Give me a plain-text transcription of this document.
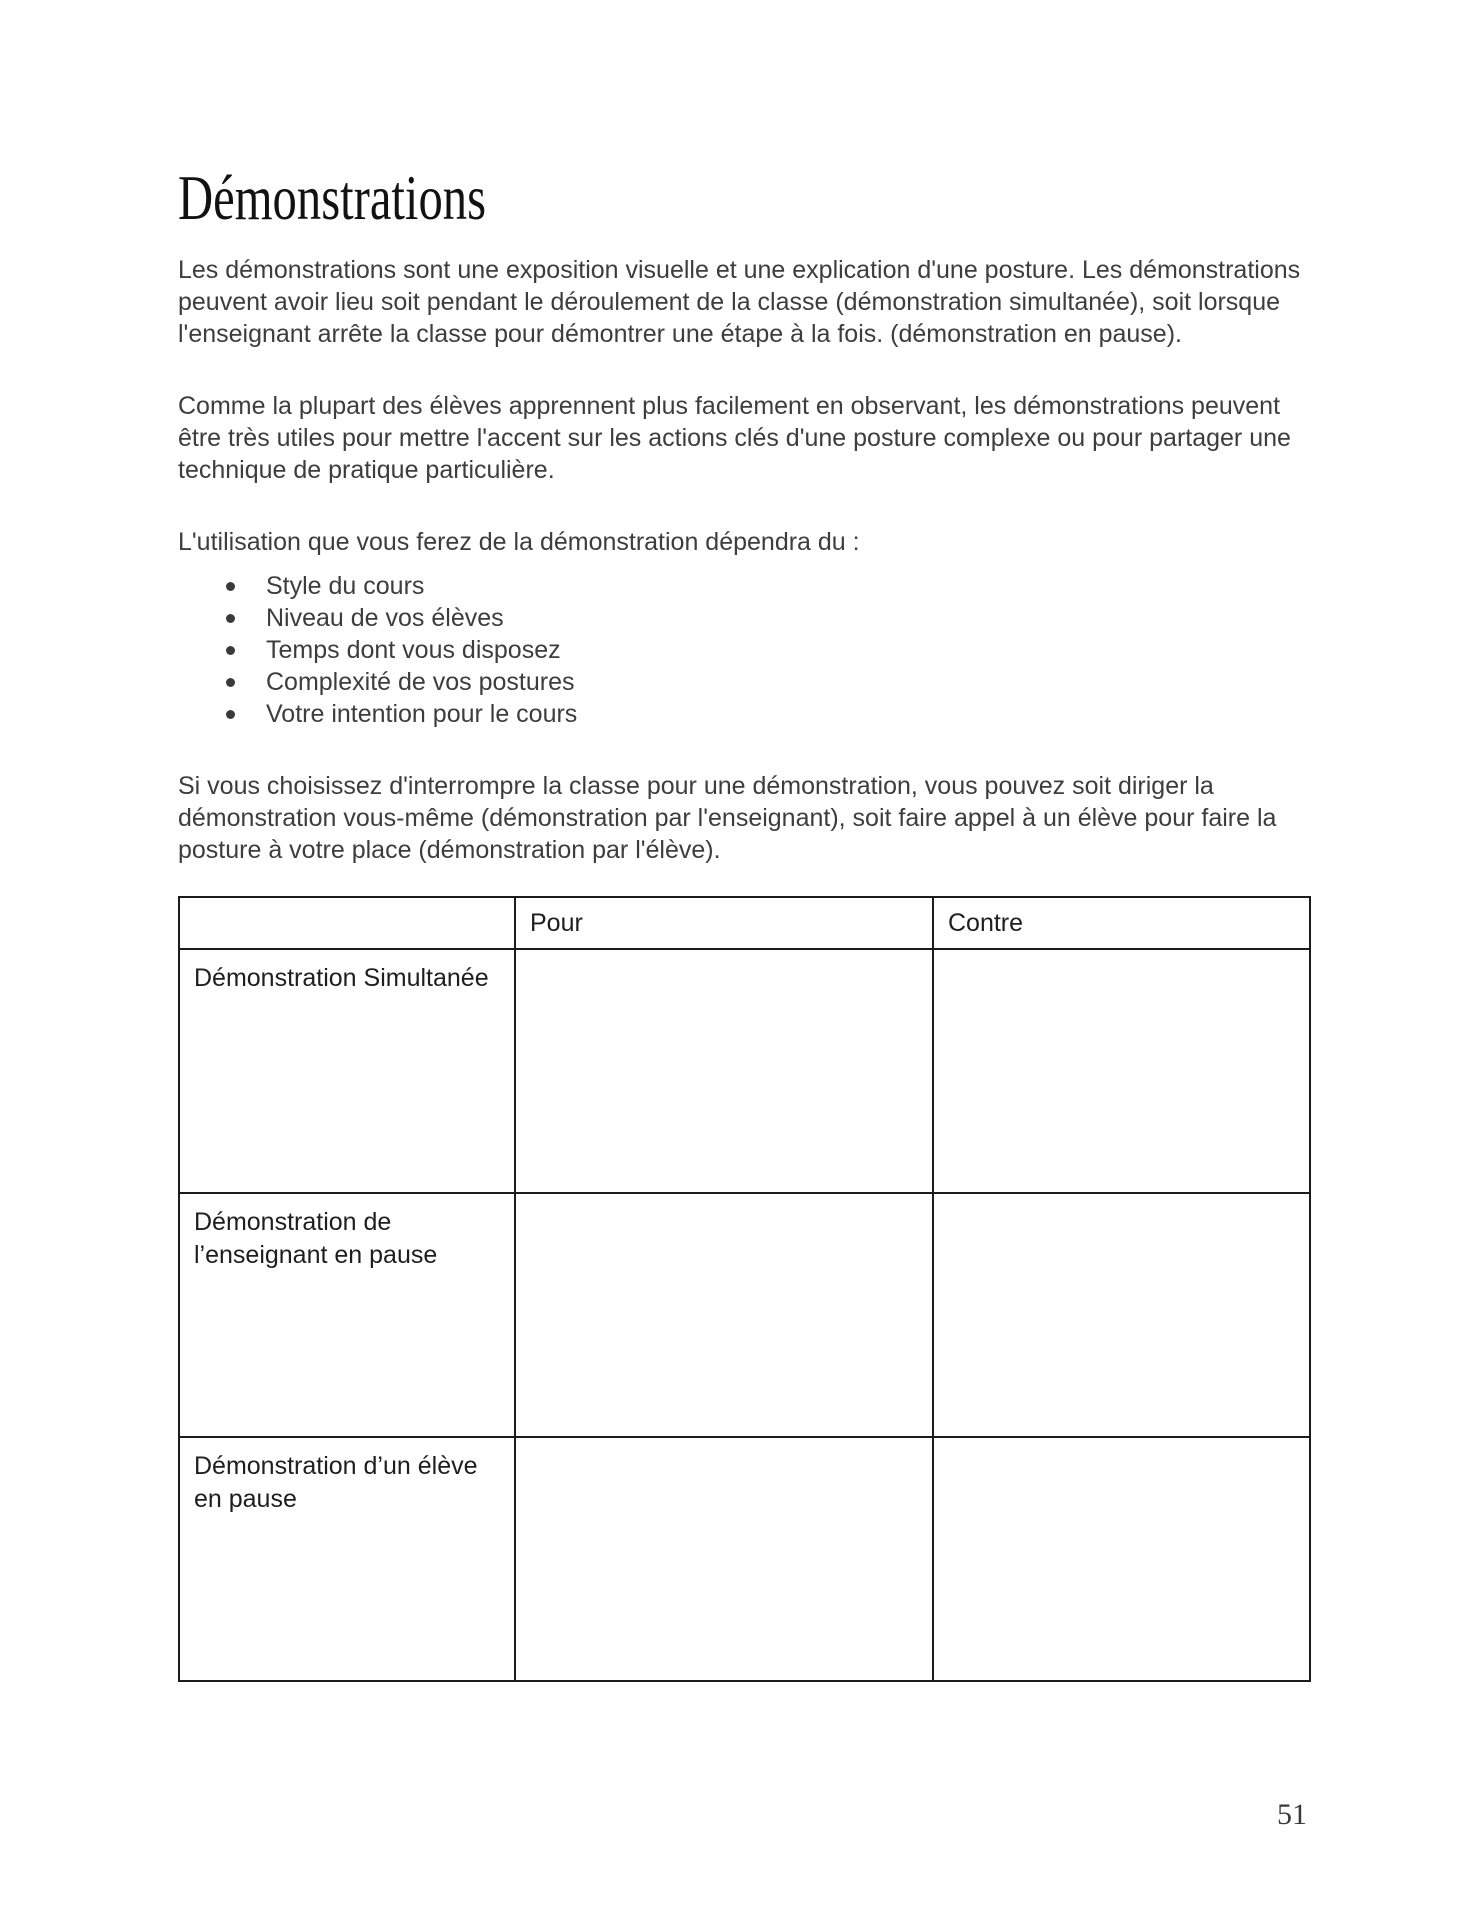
Démonstrations

Les démonstrations sont une exposition visuelle et une explication d'une posture. Les démonstrations peuvent avoir lieu soit pendant le déroulement de la classe (démonstration simultanée), soit lorsque l'enseignant arrête la classe pour démontrer une étape à la fois. (démonstration en pause).

Comme la plupart des élèves apprennent plus facilement en observant, les démonstrations peuvent être très utiles pour mettre l'accent sur les actions clés d'une posture complexe ou pour partager une technique de pratique particulière.

L'utilisation que vous ferez de la démonstration dépendra du :

Style du cours
Niveau de vos élèves
Temps dont vous disposez
Complexité de vos postures
Votre intention pour le cours

Si vous choisissez d'interrompre la classe pour une démonstration, vous pouvez soit diriger la démonstration vous-même (démonstration par l'enseignant), soit faire appel à un élève pour faire la posture à votre place (démonstration par l'élève).

	Pour	Contre
Démonstration Simultanée		
Démonstration de l’enseignant en pause		
Démonstration d’un élève en pause		
51
